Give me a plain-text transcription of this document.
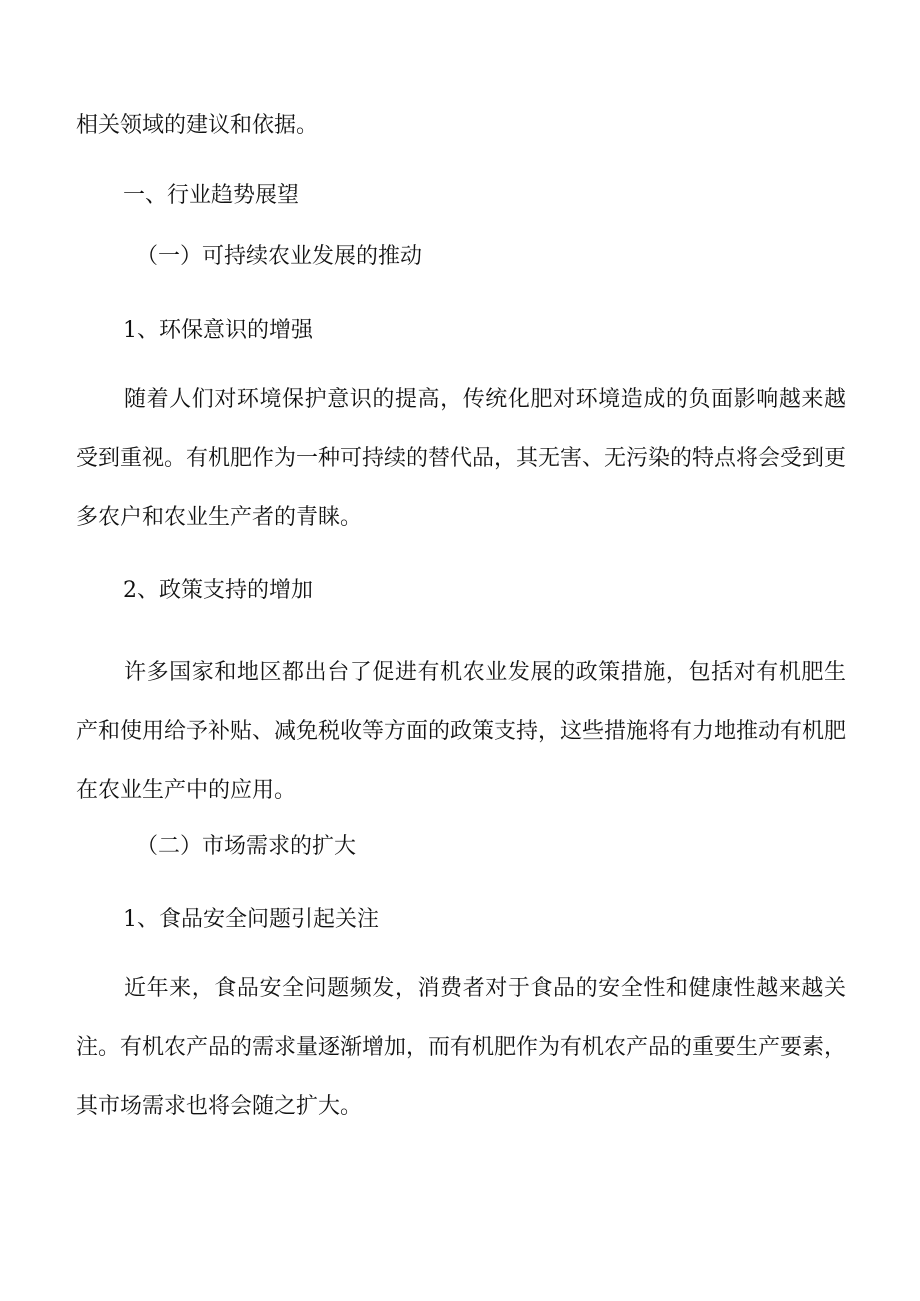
相关领域的建议和依据。

一、行业趋势展望

（一）可持续农业发展的推动

1、环保意识的增强

随着人们对环境保护意识的提高，传统化肥对环境造成的负面影响越来越受到重视。有机肥作为一种可持续的替代品，其无害、无污染的特点将会受到更多农户和农业生产者的青睐。

2、政策支持的增加

许多国家和地区都出台了促进有机农业发展的政策措施，包括对有机肥生产和使用给予补贴、减免税收等方面的政策支持，这些措施将有力地推动有机肥在农业生产中的应用。

（二）市场需求的扩大

1、食品安全问题引起关注

近年来，食品安全问题频发，消费者对于食品的安全性和健康性越来越关注。有机农产品的需求量逐渐增加，而有机肥作为有机农产品的重要生产要素，其市场需求也将会随之扩大。
